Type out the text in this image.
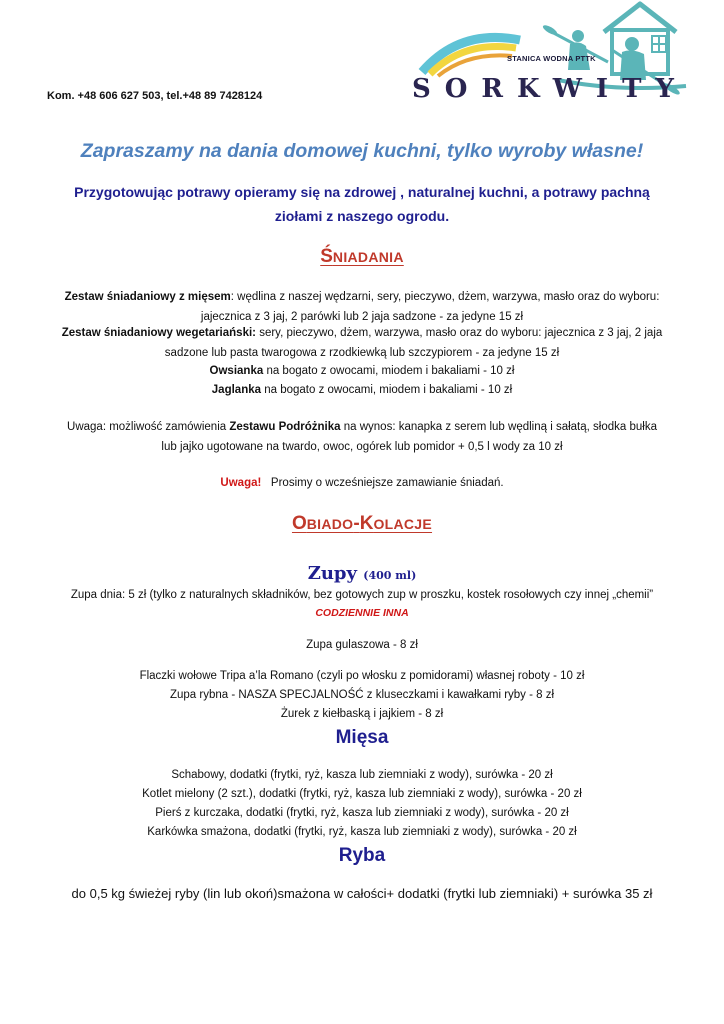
Kom. +48 606 627 503, tel.+48 89 7428124
STANICA WODNA PTTK
SORKWITY
Zapraszamy na dania domowej kuchni, tylko wyroby własne!
Przygotowując potrawy opieramy się na zdrowej , naturalnej kuchni, a potrawy pachną
ziołami z naszego ogrodu.
ŚNIADANIA
Zestaw śniadaniowy z mięsem: wędlina z naszej wędzarni, sery, pieczywo, dżem, warzywa, masło oraz do wyboru:
jajecznica z 3 jaj, 2 parówki lub 2 jaja sadzone - za jedyne 15 zł
Zestaw śniadaniowy wegetariański: sery, pieczywo, dżem, warzywa, masło oraz do wyboru: jajecznica z 3 jaj, 2 jaja
sadzone lub pasta twarogowa z rzodkiewką lub szczypiorem - za jedyne 15 zł
Owsianka na bogato z owocami, miodem i bakaliami - 10 zł
Jaglanka na bogato z owocami, miodem i bakaliami - 10 zł
Uwaga: możliwość zamówienia Zestawu Podróżnika na wynos: kanapka z serem lub wędliną i sałatą, słodka bułka
lub jajko ugotowane na twardo, owoc, ogórek lub pomidor + 0,5 l wody za 10 zł
Uwaga! Prosimy o wcześniejsze zamawianie śniadań.
OBIADO-KOLACJE
Zupy (400 ml)
Zupa dnia: 5 zł (tylko z naturalnych składników, bez gotowych zup w proszku, kostek rosołowych czy innej „chemii”
CODZIENNIE INNA
Zupa gulaszowa - 8 zł
Flaczki wołowe Tripa a’la Romano (czyli po włosku z pomidorami) własnej roboty - 10 zł
Zupa rybna - NASZA SPECJALNOŚĆ z kluseczkami i kawałkami ryby - 8 zł
Żurek z kiełbaską i jajkiem - 8 zł
Mięsa
Schabowy, dodatki (frytki, ryż, kasza lub ziemniaki z wody), surówka - 20 zł
Kotlet mielony (2 szt.), dodatki (frytki, ryż, kasza lub ziemniaki z wody), surówka - 20 zł
Pierś z kurczaka, dodatki (frytki, ryż, kasza lub ziemniaki z wody), surówka - 20 zł
Karkówka smażona, dodatki (frytki, ryż, kasza lub ziemniaki z wody), surówka - 20 zł
Ryba
do 0,5 kg świeżej ryby (lin lub okoń)smażona w całości+ dodatki (frytki lub ziemniaki) + surówka 35 zł
